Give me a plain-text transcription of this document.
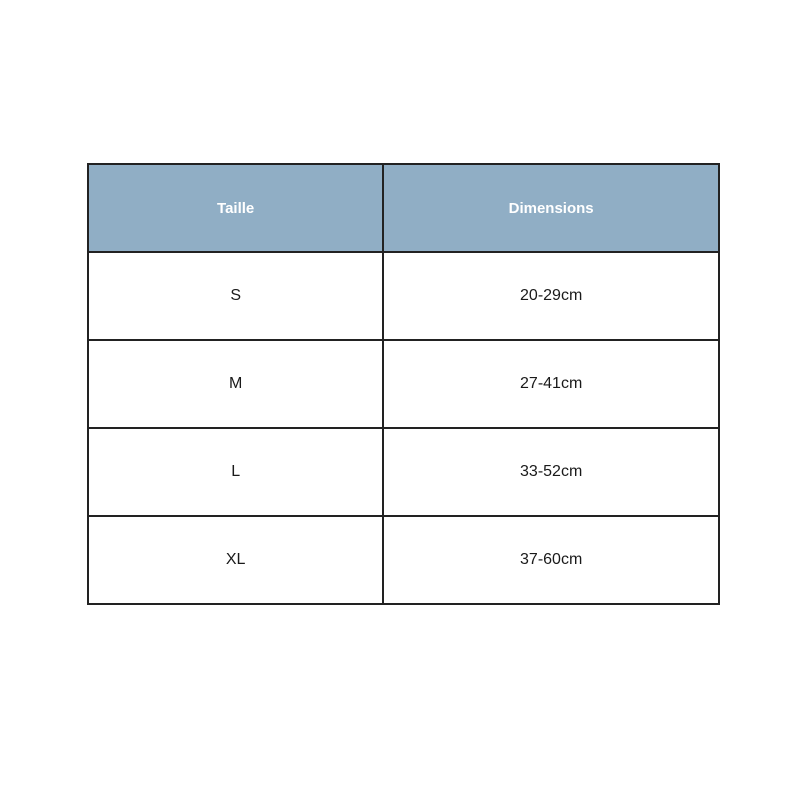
Taille	Dimensions
S	20-29cm
M	27-41cm
L	33-52cm
XL	37-60cm
